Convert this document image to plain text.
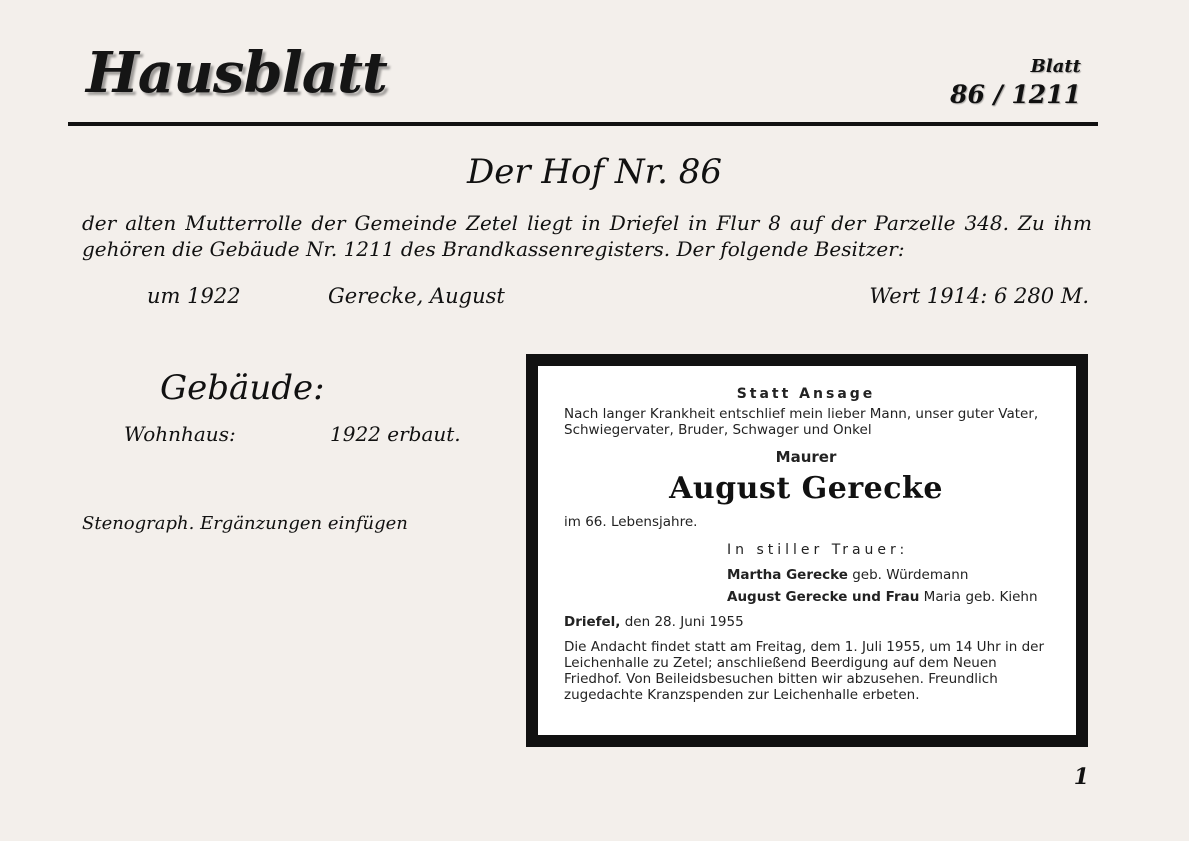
Hausblatt	Blatt
86 / 1211
Der Hof Nr. 86
der alten Mutterrolle der Gemeinde Zetel liegt in Driefel in Flur 8 auf der Parzelle 348. Zu ihm gehören die Gebäude Nr. 1211 des Brandkassenregisters. Der folgende Besitzer:
um 1922	Gerecke, August	Wert 1914: 6 280 M.
Gebäude:
Wohnhaus:	1922 erbaut.
Stenograph. Ergänzungen einfügen
Statt Ansage
Nach langer Krankheit entschlief mein lieber Mann, unser guter Vater, Schwiegervater, Bruder, Schwager und Onkel
Maurer
August Gerecke
im 66. Lebensjahre.
In stiller Trauer:
Martha Gerecke geb. Würdemann
August Gerecke und Frau Maria geb. Kiehn
Driefel, den 28. Juni 1955
Die Andacht findet statt am Freitag, dem 1. Juli 1955, um 14 Uhr in der Leichenhalle zu Zetel; anschließend Beerdigung auf dem Neuen Friedhof. Von Beileidsbesuchen bitten wir abzusehen. Freundlich zugedachte Kranzspenden zur Leichenhalle erbeten.
1
